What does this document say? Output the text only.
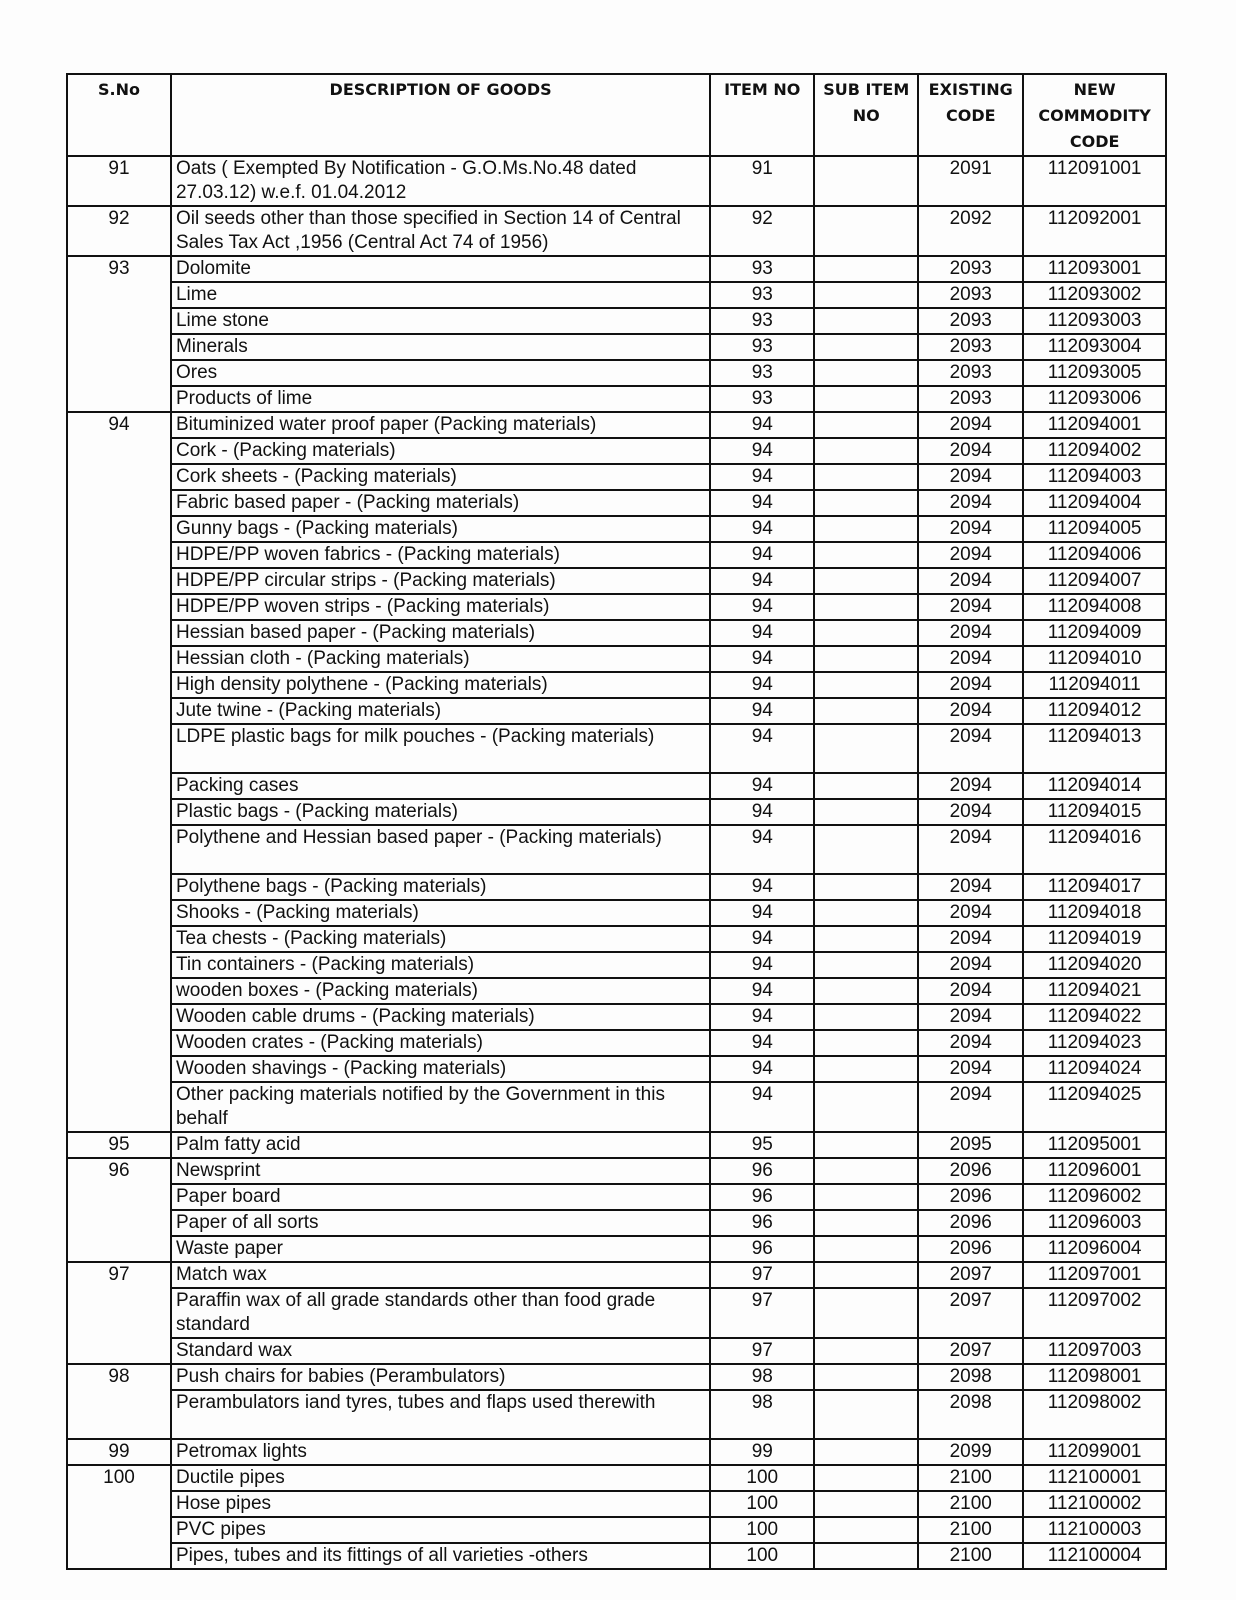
S.No	DESCRIPTION OF GOODS	ITEM NO	SUB ITEM NO	EXISTING CODE	NEW COMMODITY CODE
91	Oats ( Exempted By Notification - G.O.Ms.No.48 dated 27.03.12) w.e.f. 01.04.2012	91		2091	112091001
92	Oil seeds other than those specified in Section 14 of Central Sales Tax Act ,1956 (Central Act 74 of 1956)	92		2092	112092001
93	Dolomite	93		2093	112093001
	Lime	93		2093	112093002
	Lime stone	93		2093	112093003
	Minerals	93		2093	112093004
	Ores	93		2093	112093005
	Products of lime	93		2093	112093006
94	Bituminized water proof paper (Packing materials)	94		2094	112094001
	Cork - (Packing materials)	94		2094	112094002
	Cork sheets - (Packing materials)	94		2094	112094003
	Fabric based paper - (Packing materials)	94		2094	112094004
	Gunny bags - (Packing materials)	94		2094	112094005
	HDPE/PP woven fabrics - (Packing materials)	94		2094	112094006
	HDPE/PP circular strips - (Packing materials)	94		2094	112094007
	HDPE/PP woven strips - (Packing materials)	94		2094	112094008
	Hessian based paper - (Packing materials)	94		2094	112094009
	Hessian cloth - (Packing materials)	94		2094	112094010
	High density polythene - (Packing materials)	94		2094	112094011
	Jute twine - (Packing materials)	94		2094	112094012
	LDPE plastic bags for milk pouches - (Packing materials)	94		2094	112094013
	Packing cases	94		2094	112094014
	Plastic bags - (Packing materials)	94		2094	112094015
	Polythene and Hessian based paper - (Packing materials)	94		2094	112094016
	Polythene bags - (Packing materials)	94		2094	112094017
	Shooks - (Packing materials)	94		2094	112094018
	Tea chests - (Packing materials)	94		2094	112094019
	Tin containers - (Packing materials)	94		2094	112094020
	wooden boxes - (Packing materials)	94		2094	112094021
	Wooden cable drums - (Packing materials)	94		2094	112094022
	Wooden crates - (Packing materials)	94		2094	112094023
	Wooden shavings - (Packing materials)	94		2094	112094024
	Other packing materials notified by the Government in this behalf	94		2094	112094025
95	Palm fatty acid	95		2095	112095001
96	Newsprint	96		2096	112096001
	Paper board	96		2096	112096002
	Paper of all sorts	96		2096	112096003
	Waste paper	96		2096	112096004
97	Match wax	97		2097	112097001
	Paraffin wax of all grade standards other than food grade standard	97		2097	112097002
	Standard wax	97		2097	112097003
98	Push chairs for babies (Perambulators)	98		2098	112098001
	Perambulators iand tyres, tubes and flaps used therewith	98		2098	112098002
99	Petromax lights	99		2099	112099001
100	Ductile pipes	100		2100	112100001
	Hose pipes	100		2100	112100002
	PVC pipes	100		2100	112100003
	Pipes, tubes and its fittings of all varieties -others	100		2100	112100004
